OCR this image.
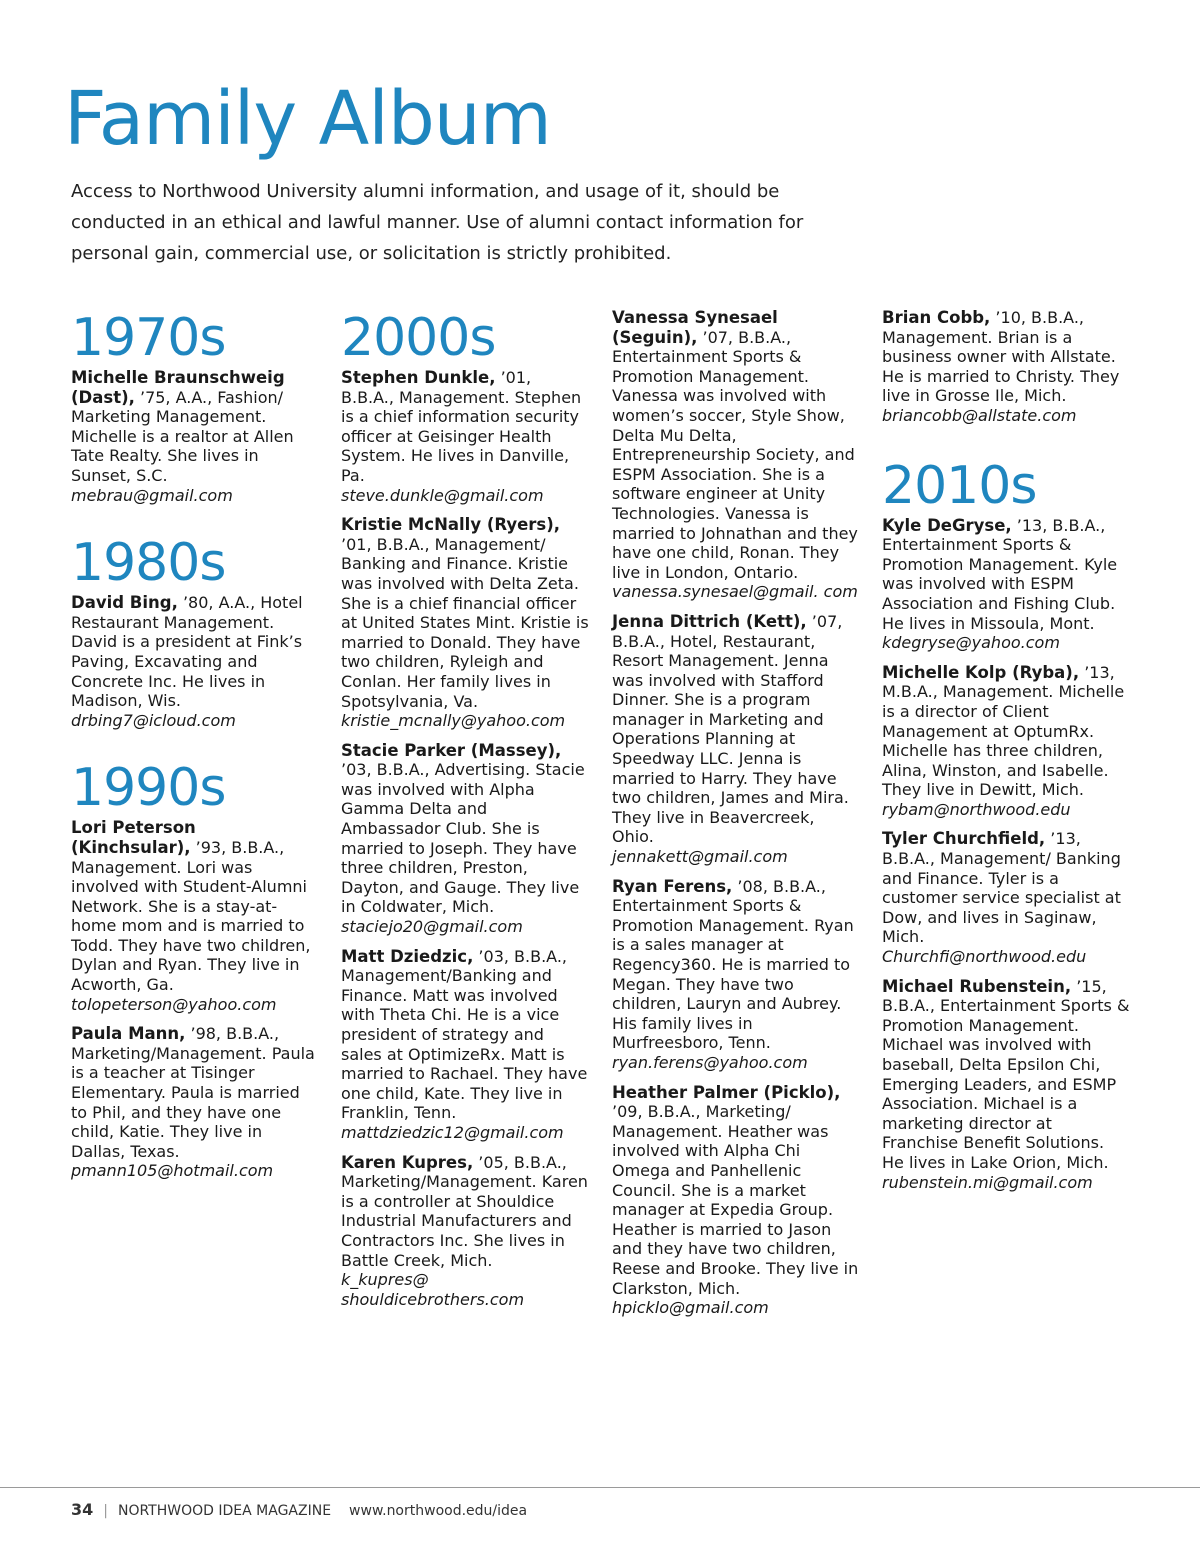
Family Album

Access to Northwood University alumni information, and usage of it, should be conducted in an ethical and lawful manner. Use of alumni contact information for personal gain, commercial use, or solicitation is strictly prohibited.

1970s

Michelle Braunschweig (Dast), ’75, A.A., Fashion/ Marketing Management. Michelle is a realtor at Allen Tate Realty. She lives in Sunset, S.C.
mebrau@gmail.com

1980s

David Bing, ’80, A.A., Hotel Restaurant Management. David is a president at Fink’s Paving, Excavating and Concrete Inc. He lives in Madison, Wis.
drbing7@icloud.com

1990s

Lori Peterson (Kinchsular), ’93, B.B.A., Management. Lori was involved with Student-Alumni Network. She is a stay-at-home mom and is married to Todd. They have two children, Dylan and Ryan. They live in Acworth, Ga.
tolopeterson@yahoo.com

Paula Mann, ’98, B.B.A., Marketing/Management. Paula is a teacher at Tisinger Elementary. Paula is married to Phil, and they have one child, Katie. They live in Dallas, Texas.
pmann105@hotmail.com

2000s

Stephen Dunkle, ’01, B.B.A., Management. Stephen is a chief information security officer at Geisinger Health System. He lives in Danville, Pa.
steve.dunkle@gmail.com

Kristie McNally (Ryers), ’01, B.B.A., Management/ Banking and Finance. Kristie was involved with Delta Zeta. She is a chief financial officer at United States Mint. Kristie is married to Donald. They have two children, Ryleigh and Conlan. Her family lives in Spotsylvania, Va.
kristie_mcnally@yahoo.com

Stacie Parker (Massey), ’03, B.B.A., Advertising. Stacie was involved with Alpha Gamma Delta and Ambassador Club. She is married to Joseph. They have three children, Preston, Dayton, and Gauge. They live in Coldwater, Mich.
staciejo20@gmail.com

Matt Dziedzic, ’03, B.B.A., Management/Banking and Finance. Matt was involved with Theta Chi. He is a vice president of strategy and sales at OptimizeRx. Matt is married to Rachael. They have one child, Kate. They live in Franklin, Tenn.
mattdziedzic12@gmail.com

Karen Kupres, ’05, B.B.A., Marketing/Management. Karen is a controller at Shouldice Industrial Manufacturers and Contractors Inc. She lives in Battle Creek, Mich.
k_kupres@ shouldicebrothers.com

Vanessa Synesael (Seguin), ’07, B.B.A., Entertainment Sports & Promotion Management. Vanessa was involved with women’s soccer, Style Show, Delta Mu Delta, Entrepreneurship Society, and ESPM Association. She is a software engineer at Unity Technologies. Vanessa is married to Johnathan and they have one child, Ronan. They live in London, Ontario.
vanessa.synesael@gmail. com

Jenna Dittrich (Kett), ’07, B.B.A., Hotel, Restaurant, Resort Management. Jenna was involved with Stafford Dinner. She is a program manager in Marketing and Operations Planning at Speedway LLC. Jenna is married to Harry. They have two children, James and Mira. They live in Beavercreek, Ohio.
jennakett@gmail.com

Ryan Ferens, ’08, B.B.A., Entertainment Sports & Promotion Management. Ryan is a sales manager at Regency360. He is married to Megan. They have two children, Lauryn and Aubrey. His family lives in Murfreesboro, Tenn.
ryan.ferens@yahoo.com

Heather Palmer (Picklo), ’09, B.B.A., Marketing/ Management. Heather was involved with Alpha Chi Omega and Panhellenic Council. She is a market manager at Expedia Group. Heather is married to Jason and they have two children, Reese and Brooke. They live in Clarkston, Mich.
hpicklo@gmail.com

Brian Cobb, ’10, B.B.A., Management. Brian is a business owner with Allstate. He is married to Christy. They live in Grosse Ile, Mich.
briancobb@allstate.com

2010s

Kyle DeGryse, ’13, B.B.A., Entertainment Sports & Promotion Management. Kyle was involved with ESPM Association and Fishing Club. He lives in Missoula, Mont.
kdegryse@yahoo.com

Michelle Kolp (Ryba), ’13, M.B.A., Management. Michelle is a director of Client Management at OptumRx. Michelle has three children, Alina, Winston, and Isabelle. They live in Dewitt, Mich.
rybam@northwood.edu

Tyler Churchfield, ’13, B.B.A., Management/ Banking and Finance. Tyler is a customer service specialist at Dow, and lives in Saginaw, Mich.
Churchfi@northwood.edu

Michael Rubenstein, ’15, B.B.A., Entertainment Sports & Promotion Management. Michael was involved with baseball, Delta Epsilon Chi, Emerging Leaders, and ESMP Association. Michael is a marketing director at Franchise Benefit Solutions. He lives in Lake Orion, Mich.
rubenstein.mi@gmail.com

34 | NORTHWOOD IDEA MAGAZINE www.northwood.edu/idea
